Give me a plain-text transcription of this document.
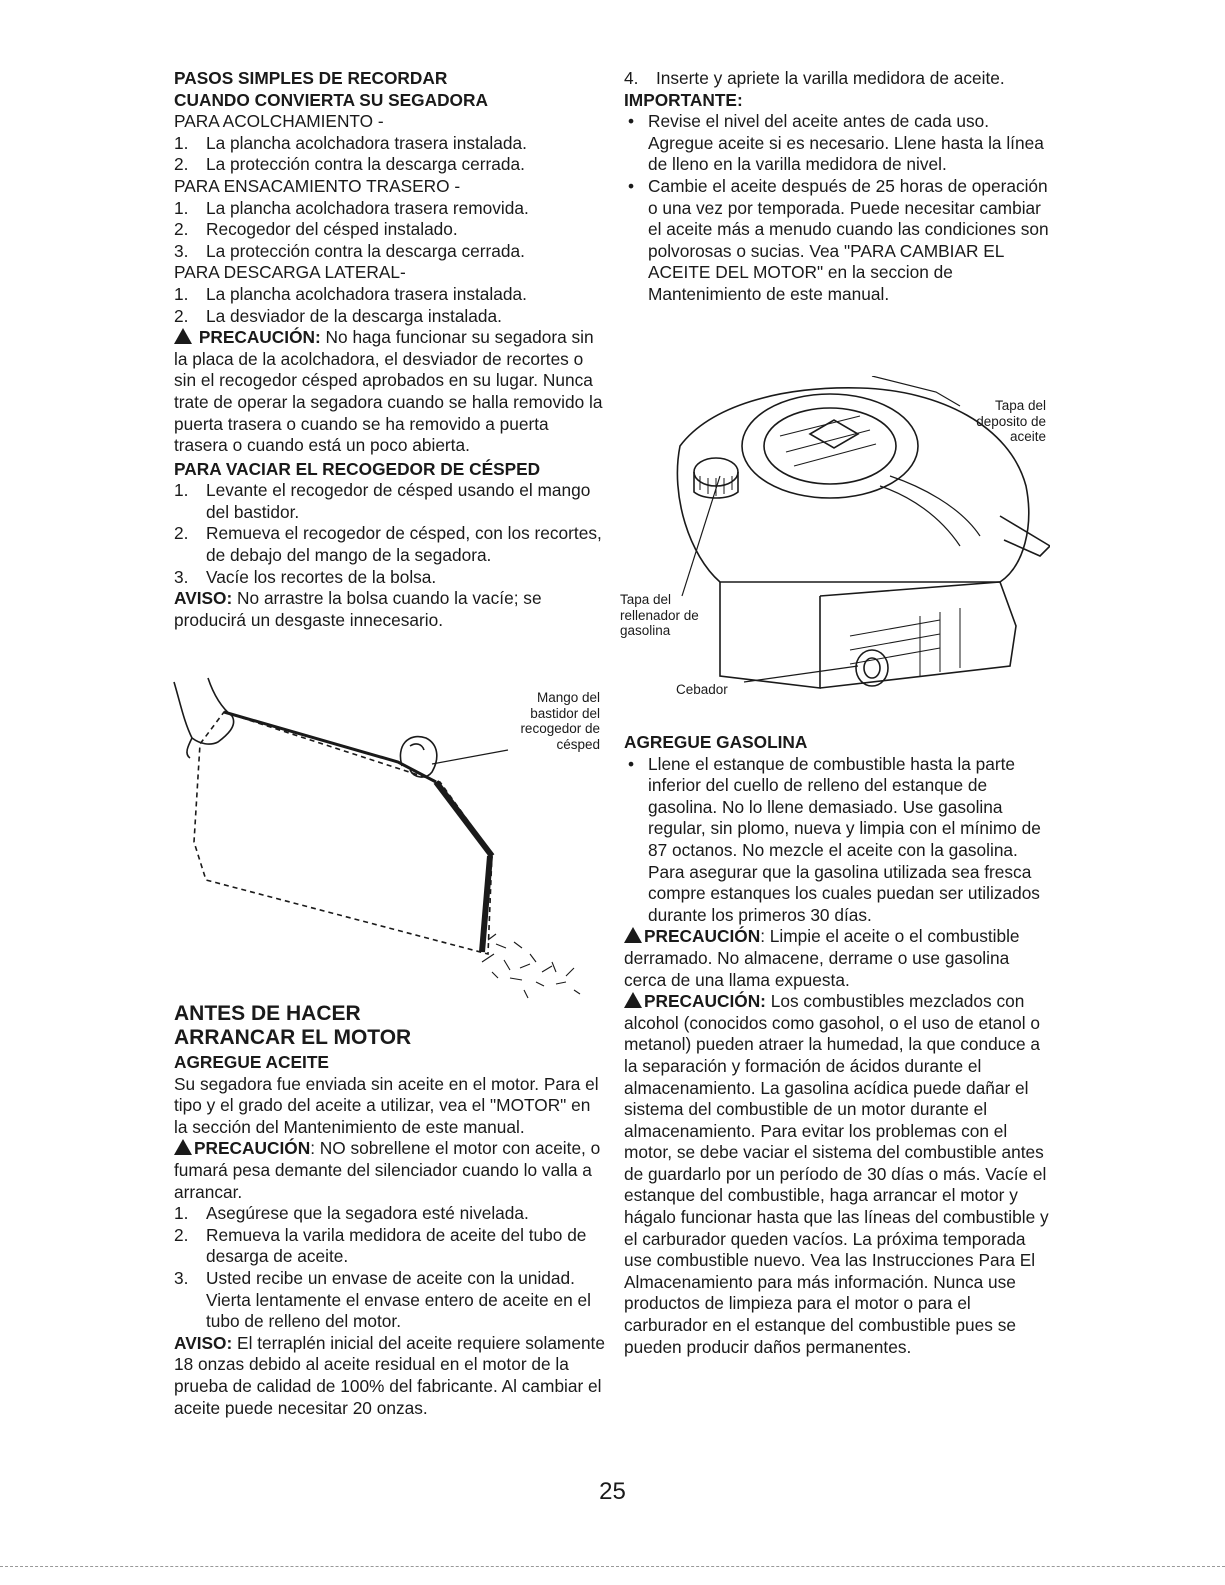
PASOS SIMPLES DE RECORDAR

CUANDO CONVIERTA SU SEGADORA

PARA ACOLCHAMIENTO -

1. La plancha acolchadora trasera instalada.
2. La protección contra la descarga cerrada.

PARA ENSACAMIENTO TRASERO -

1. La plancha acolchadora trasera removida.
2. Recogedor del césped instalado.
3. La protección contra la descarga cerrada.

PARA DESCARGA LATERAL-

1. La plancha acolchadora trasera instalada.
2. La desviador de la descarga instalada.

PRECAUCIÓN: No haga funcionar su segadora sin la placa de la acolchadora, el desviador de recortes o sin el recogedor césped aprobados en su lugar. Nunca trate de operar la segadora cuando se halla removido la puerta trasera o cuando se ha removido a puerta trasera o cuando está un poco abierta.

PARA VACIAR EL RECOGEDOR DE CÉSPED

1. Levante el recogedor de césped usando el mango del bastidor.
2. Remueva el recogedor de césped, con los recortes, de debajo del mango de la segadora.
3. Vacíe los recortes de la bolsa.

AVISO: No arrastre la bolsa cuando la vacíe; se producirá un desgaste innecesario.

Mango del bastidor del recogedor de césped

ANTES DE HACER

ARRANCAR EL MOTOR

AGREGUE ACEITE

Su segadora fue enviada sin aceite en el motor. Para el tipo y el grado del aceite a utilizar, vea el "MOTOR" en la sección del Mantenimiento de este manual.

PRECAUCIÓN: NO sobrellene el motor con aceite, o fumará pesa demante del silenciador cuando lo valla a arrancar.

1. Asegúrese que la segadora esté nivelada.
2. Remueva la varila medidora de aceite del tubo de desarga de aceite.
3. Usted recibe un envase de aceite con la unidad. Vierta lentamente el envase entero de aceite en el tubo de relleno del motor.

AVISO: El terraplén inicial del aceite requiere solamente 18 onzas debido al aceite residual en el motor de la prueba de calidad de 100% del fabricante. Al cambiar el aceite puede necesitar 20 onzas.

4. Inserte y apriete la varilla medidora de aceite.

IMPORTANTE:

• Revise el nivel del aceite antes de cada uso. Agregue aceite si es necesario. Llene hasta la línea de lleno en la varilla medidora de nivel.
• Cambie el aceite después de 25 horas de operación o una vez por temporada. Puede necesitar cambiar el aceite más a menudo cuando las condiciones son polvorosas o sucias. Vea "PARA CAMBIAR EL ACEITE DEL MOTOR" en la seccion de Mantenimiento de este manual.
Tapa del deposito de aceite
Tapa del rellenador de gasolina
Cebador

AGREGUE GASOLINA

• Llene el estanque de combustible hasta la parte inferior del cuello de relleno del estanque de gasolina. No lo llene demasiado. Use gasolina regular, sin plomo, nueva y limpia con el mínimo de 87 octanos. No mezcle el aceite con la gasolina. Para asegurar que la gasolina utilizada sea fresca compre estanques los cuales puedan ser utilizados durante los primeros 30 días.

PRECAUCIÓN: Limpie el aceite o el combustible derramado. No almacene, derrame o use gasolina cerca de una llama expuesta.

PRECAUCIÓN: Los combustibles mezclados con alcohol (conocidos como gasohol, o el uso de etanol o metanol) pueden atraer la humedad, la que conduce a la separación y formación de ácidos durante el almacenamiento. La gasolina acídica puede dañar el sistema del combustible de un motor durante el almacenamiento. Para evitar los problemas con el motor, se debe vaciar el sistema del combustible antes de guardarlo por un período de 30 días o más. Vacíe el estanque del combustible, haga arrancar el motor y hágalo funcionar hasta que las líneas del combustible y el carburador queden vacíos. La próxima temporada use combustible nuevo. Vea las Instrucciones Para El Almacenamiento para más información. Nunca use productos de limpieza para el motor o para el carburador en el estanque del combustible pues se pueden producir daños permanentes.

25
